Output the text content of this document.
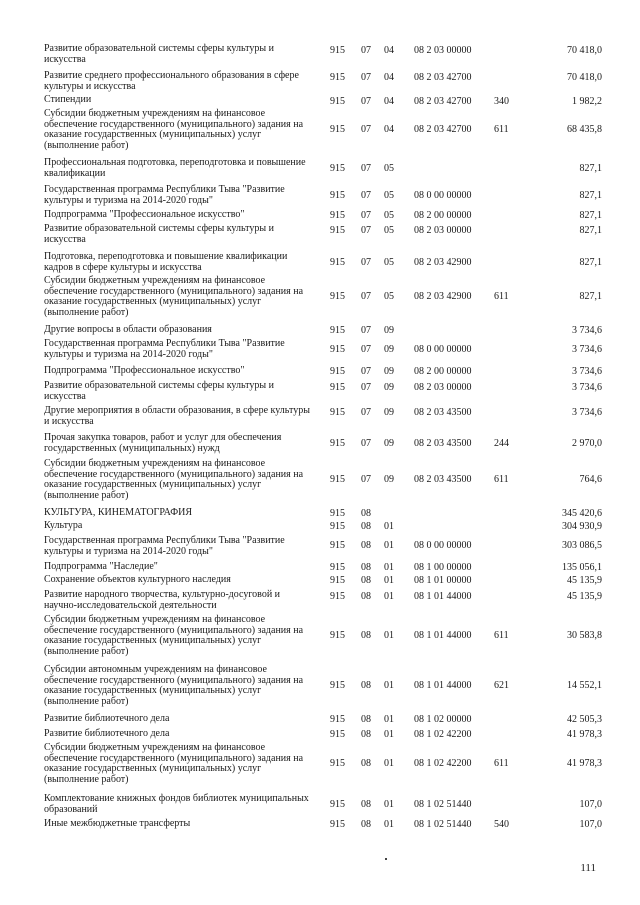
Развитие образовательной системы сферы культуры и искусства
915	07	04	08 2 03 00000	70 418,0
Развитие среднего профессионального образования в сфере культуры и искусства
915	07	04	08 2 03 42700	70 418,0
Стипендии	915	07	04	08 2 03 42700	340	1 982,2
Субсидии бюджетным учреждениям на финансовое обеспечение государственного (муниципального) задания на оказание государственных (муниципальных) услуг (выполнение работ)
915	07	04	08 2 03 42700	611	68 435,8
Профессиональная подготовка, переподготовка и повышение квалификации	915	07	05	827,1
Государственная программа Республики Тыва "Развитие культуры и туризма на 2014-2020 годы"	915	07	05	08 0 00 00000	827,1
Подпрограмма "Профессиональное искусство"	915	07	05	08 2 00 00000	827,1
Развитие образовательной системы сферы культуры и искусства
915	07	05	08 2 03 00000	827,1
Подготовка, переподготовка и повышение квалификации кадров в сфере культуры и искусства	915	07	05	08 2 03 42900	827,1
Субсидии бюджетным учреждениям на финансовое обеспечение государственного (муниципального) задания на оказание государственных (муниципальных) услуг (выполнение работ)
915	07	05	08 2 03 42900	611	827,1
Другие вопросы в области образования	915	07	09	3 734,6
Государственная программа Республики Тыва "Развитие культуры и туризма на 2014-2020 годы"	915	07	09	08 0 00 00000	3 734,6
Подпрограмма "Профессиональное искусство"	915	07	09	08 2 00 00000	3 734,6
Развитие образовательной системы сферы культуры и искусства
915	07	09	08 2 03 00000	3 734,6
Другие мероприятия в области образования, в сфере культуры и искусства
915	07	09	08 2 03 43500	3 734,6
Прочая закупка товаров, работ и услуг для обеспечения государственных (муниципальных) нужд	915	07	09	08 2 03 43500	244	2 970,0
Субсидии бюджетным учреждениям на финансовое обеспечение государственного (муниципального) задания на оказание государственных (муниципальных) услуг (выполнение работ)
915	07	09	08 2 03 43500	611	764,6
КУЛЬТУРА, КИНЕМАТОГРАФИЯ	915	08	345 420,6
Культура	915	08	01	304 930,9
Государственная программа Республики Тыва "Развитие культуры и туризма на 2014-2020 годы"	915	08	01	08 0 00 00000	303 086,5
Подпрограмма "Наследие"	915	08	01	08 1 00 00000	135 056,1
Сохранение объектов культурного наследия	915	08	01	08 1 01 00000	45 135,9
Развитие народного творчества, культурно-досуговой и научно-исследовательской деятельности
915	08	01	08 1 01 44000	45 135,9
Субсидии бюджетным учреждениям на финансовое обеспечение государственного (муниципального) задания на оказание государственных (муниципальных) услуг (выполнение работ)
915	08	01	08 1 01 44000	611	30 583,8
Субсидии автономным учреждениям на финансовое обеспечение государственного (муниципального) задания на оказание государственных (муниципальных) услуг (выполнение работ)
915	08	01	08 1 01 44000	621	14 552,1
Развитие библиотечного дела	915	08	01	08 1 02 00000	42 505,3
Развитие библиотечного дела	915	08	01	08 1 02 42200	41 978,3
Субсидии бюджетным учреждениям на финансовое обеспечение государственного (муниципального) задания на оказание государственных (муниципальных) услуг (выполнение работ)
915	08	01	08 1 02 42200	611	41 978,3
Комплектование книжных фондов библиотек муниципальных образований	915	08	01	08 1 02 51440	107,0
Иные межбюджетные трансферты	915	08	01	08 1 02 51440	540	107,0
111
